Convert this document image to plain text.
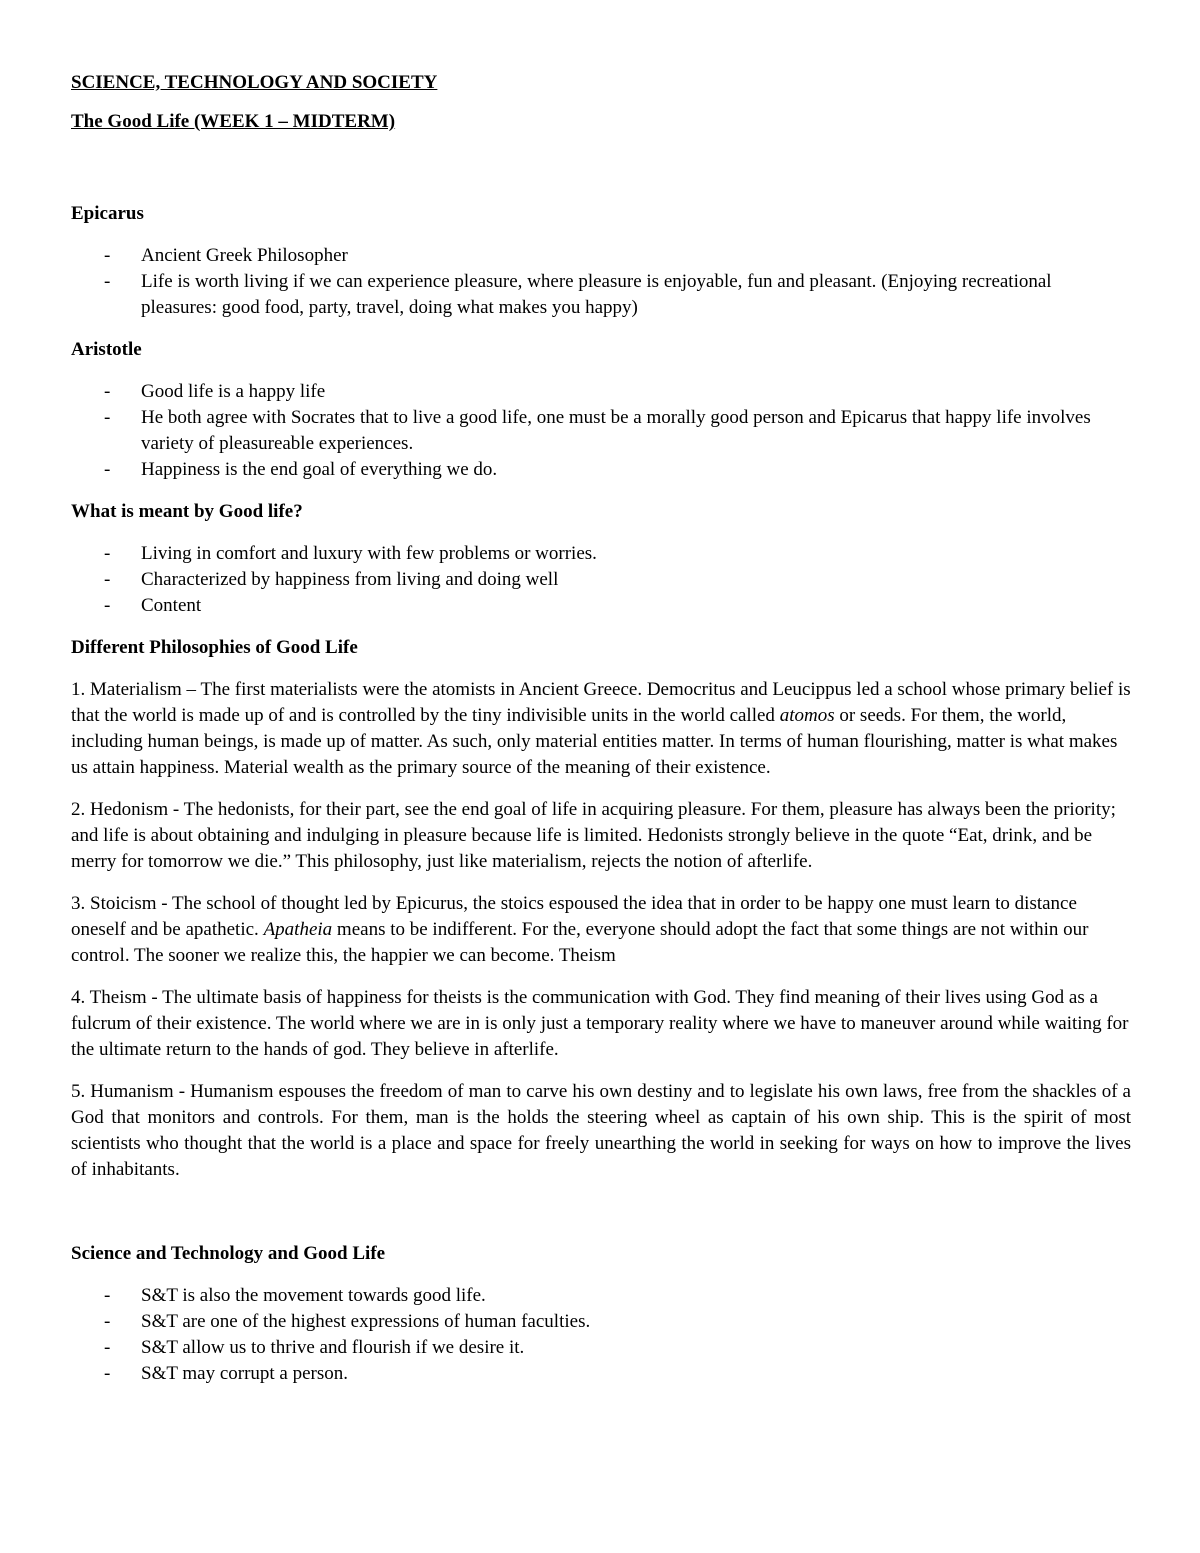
SCIENCE, TECHNOLOGY AND SOCIETY
The Good Life (WEEK 1 – MIDTERM)
Epicarus
- Ancient Greek Philosopher
- Life is worth living if we can experience pleasure, where pleasure is enjoyable, fun and pleasant. (Enjoying recreational pleasures: good food, party, travel, doing what makes you happy)
Aristotle
- Good life is a happy life
- He both agree with Socrates that to live a good life, one must be a morally good person and Epicarus that happy life involves variety of pleasureable experiences.
- Happiness is the end goal of everything we do.
What is meant by Good life?
- Living in comfort and luxury with few problems or worries.
- Characterized by happiness from living and doing well
- Content
Different Philosophies of Good Life

1. Materialism – The first materialists were the atomists in Ancient Greece. Democritus and Leucippus led a school whose primary belief is that the world is made up of and is controlled by the tiny indivisible units in the world called atomos or seeds. For them, the world, including human beings, is made up of matter. As such, only material entities matter. In terms of human flourishing, matter is what makes us attain happiness. Material wealth as the primary source of the meaning of their existence.

2. Hedonism - The hedonists, for their part, see the end goal of life in acquiring pleasure. For them, pleasure has always been the priority; and life is about obtaining and indulging in pleasure because life is limited. Hedonists strongly believe in the quote “Eat, drink, and be merry for tomorrow we die.” This philosophy, just like materialism, rejects the notion of afterlife.

3. Stoicism - The school of thought led by Epicurus, the stoics espoused the idea that in order to be happy one must learn to distance oneself and be apathetic. Apatheia means to be indifferent. For the, everyone should adopt the fact that some things are not within our control. The sooner we realize this, the happier we can become. Theism

4. Theism - The ultimate basis of happiness for theists is the communication with God. They find meaning of their lives using God as a fulcrum of their existence. The world where we are in is only just a temporary reality where we have to maneuver around while waiting for the ultimate return to the hands of god. They believe in afterlife.

5. Humanism - Humanism espouses the freedom of man to carve his own destiny and to legislate his own laws, free from the shackles of a God that monitors and controls. For them, man is the holds the steering wheel as captain of his own ship. This is the spirit of most scientists who thought that the world is a place and space for freely unearthing the world in seeking for ways on how to improve the lives of inhabitants.

Science and Technology and Good Life
- S&T is also the movement towards good life.
- S&T are one of the highest expressions of human faculties.
- S&T allow us to thrive and flourish if we desire it.
- S&T may corrupt a person.
